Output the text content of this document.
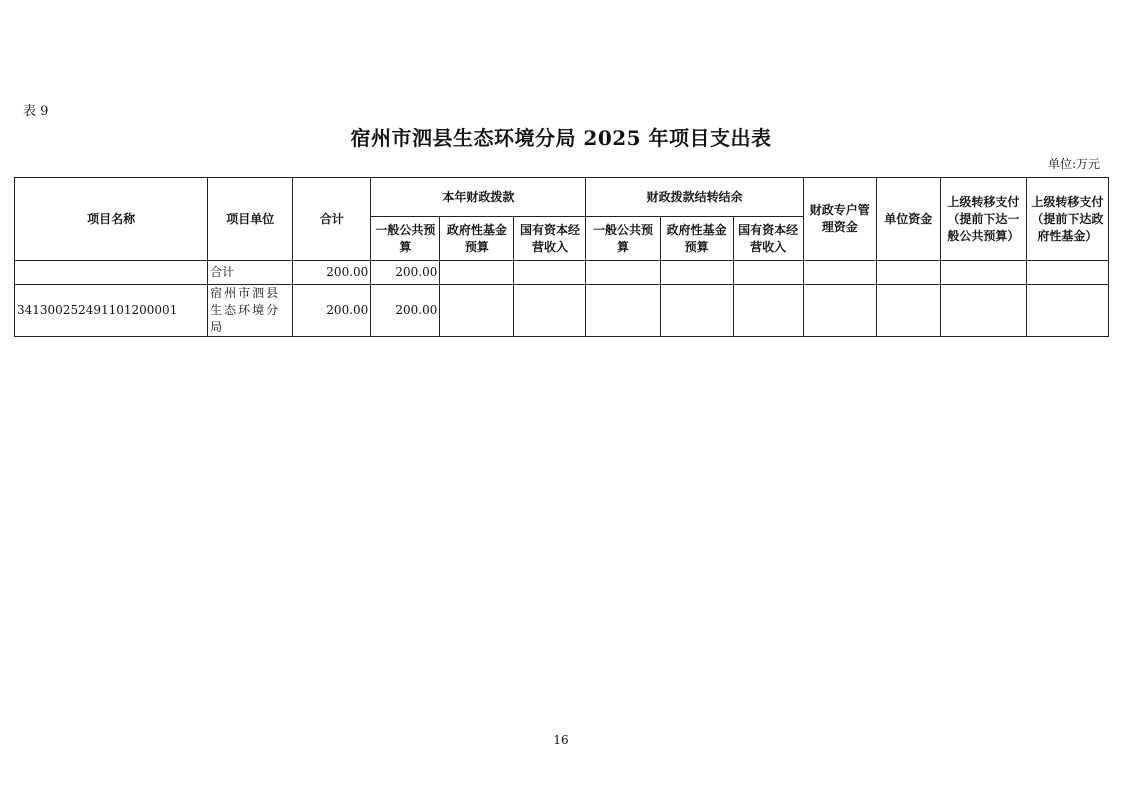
表 9
宿州市泗县生态环境分局 2025 年项目支出表
单位:万元
项目名称	项目单位	合计	本年财政拨款			财政拨款结转结余			财政专户管理资金	单位资金	上级转移支付（提前下达一般公共预算）	上级转移支付（提前下达政府性基金）
			一般公共预算	政府性基金预算	国有资本经营收入	一般公共预算	政府性基金预算	国有资本经营收入				
	合计	200.00	200.00									
341300252491101200001	宿州市泗县生态环境分局	200.00	200.00									
16
